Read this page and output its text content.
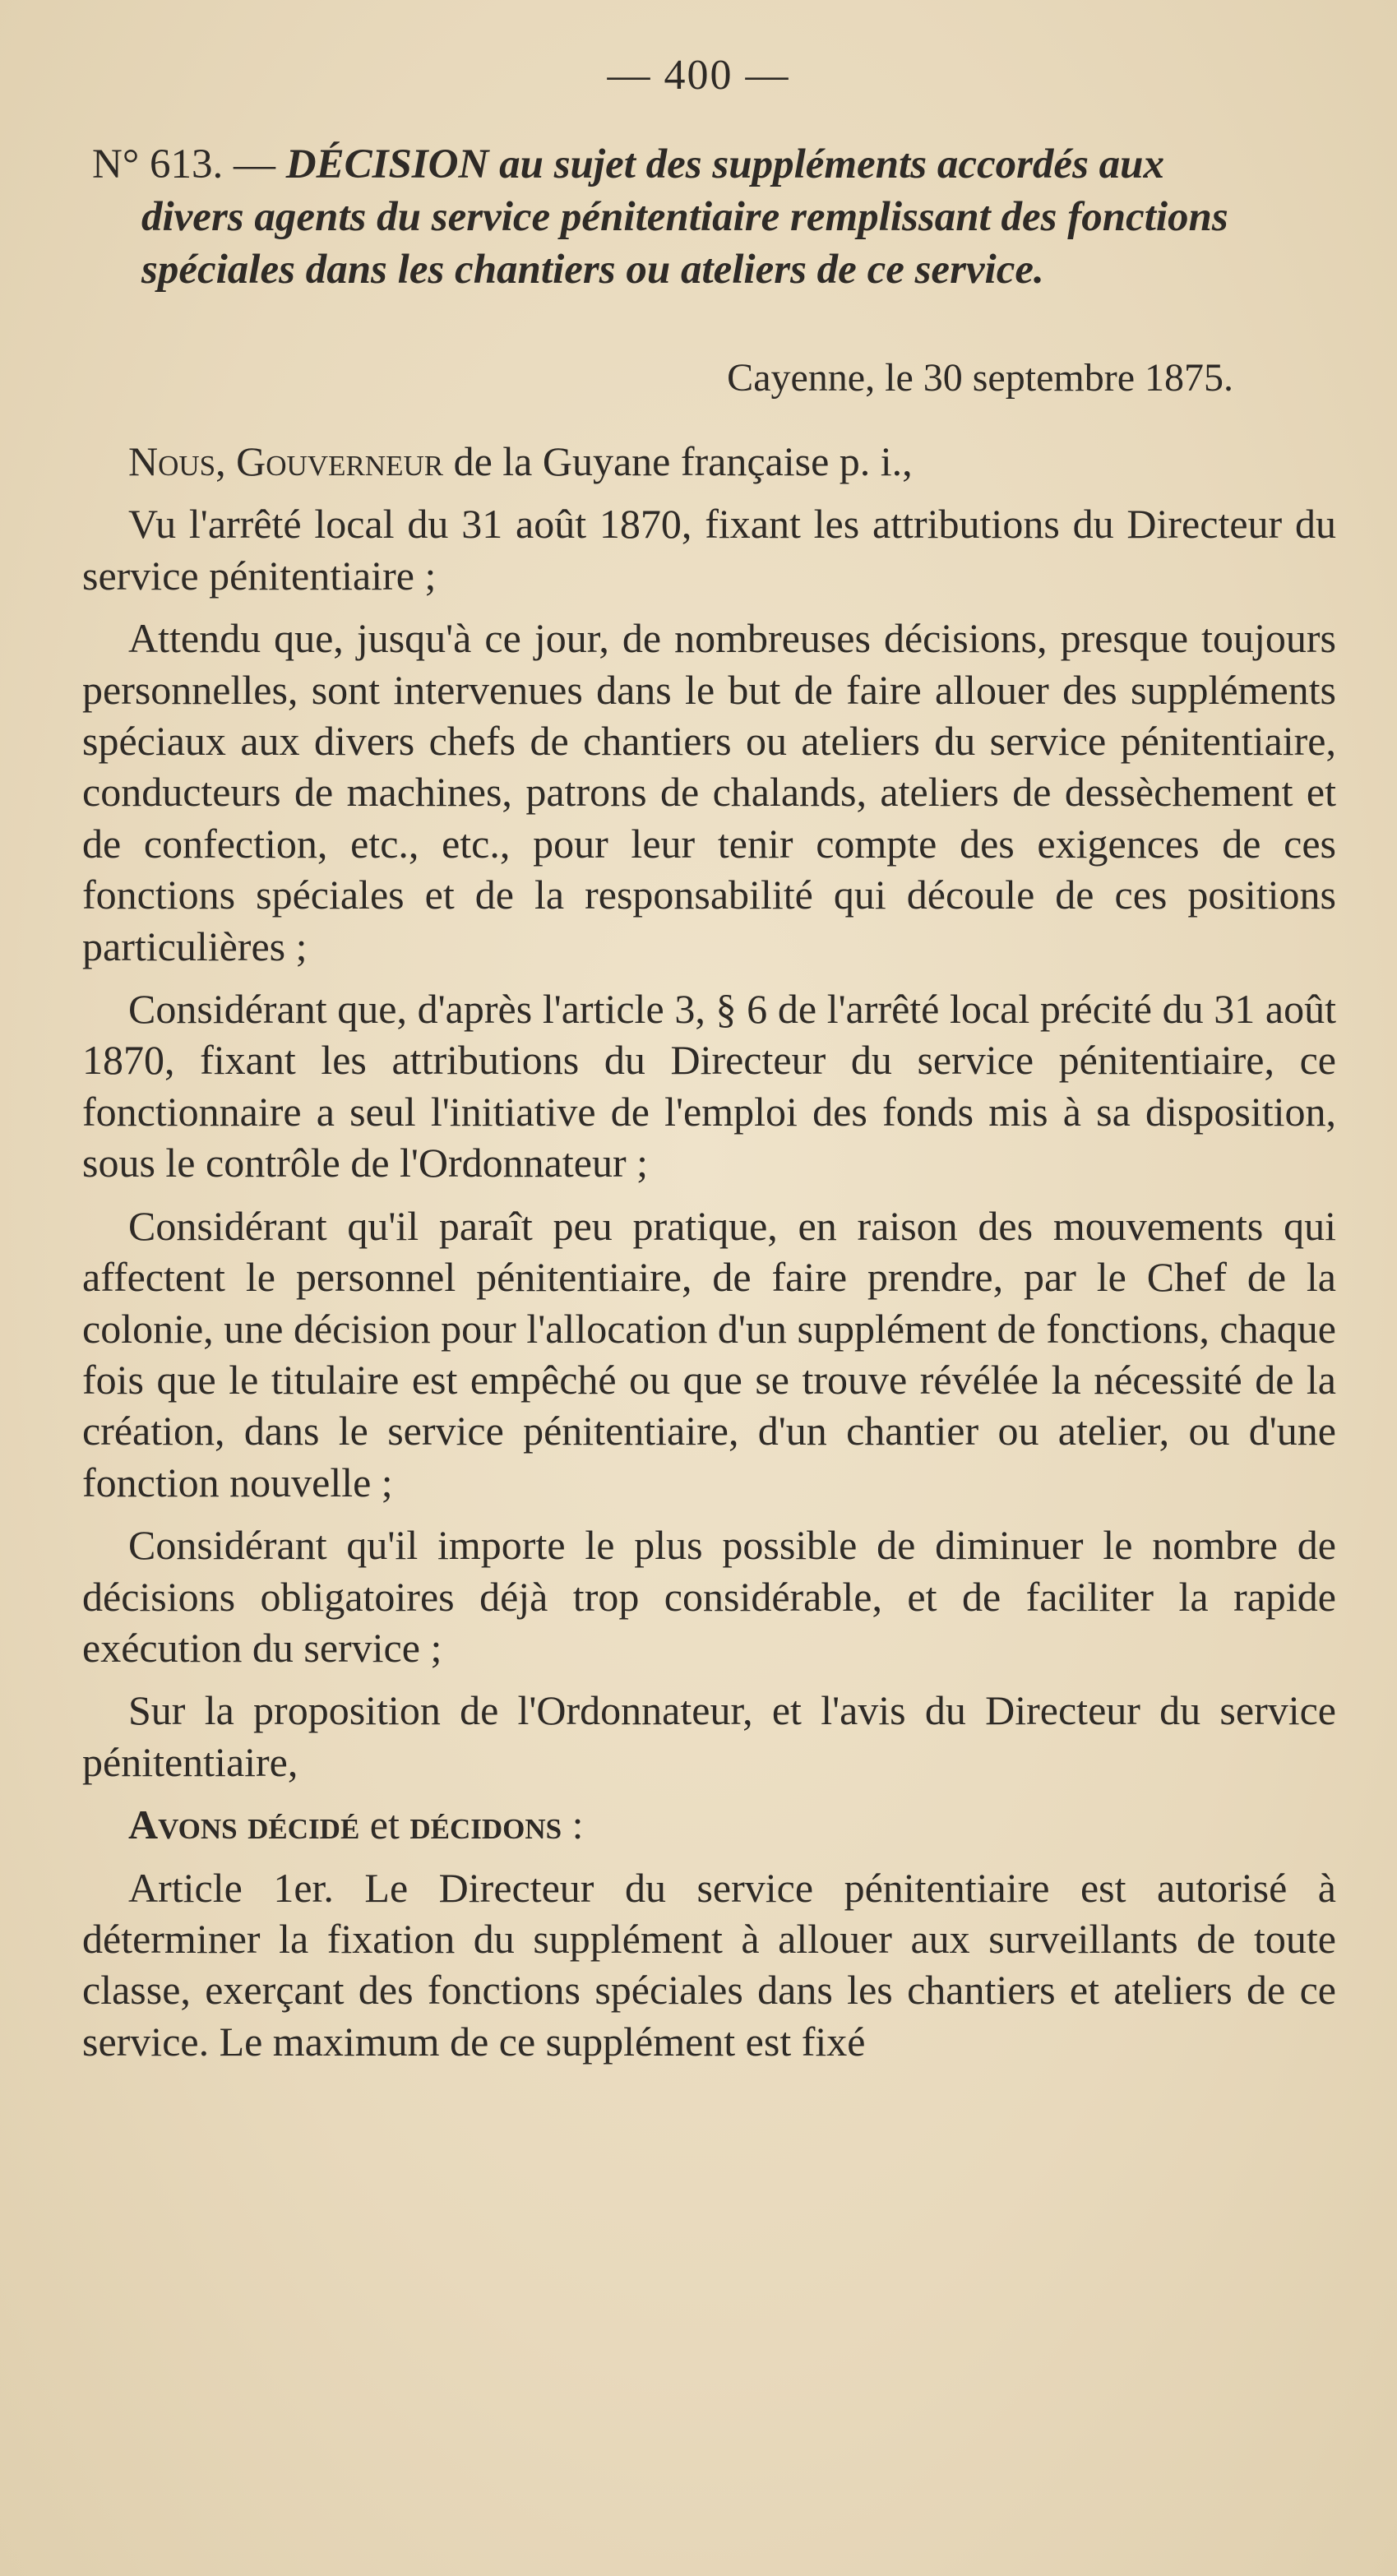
— 400 —
N° 613. — DÉCISION au sujet des suppléments accordés aux
divers agents du service pénitentiaire remplissant des fonctions spéciales dans les chantiers ou ateliers de ce service.
Cayenne, le 30 septembre 1875.

Nous, Gouverneur de la Guyane française p. i.,

Vu l'arrêté local du 31 août 1870, fixant les attributions du Directeur du service pénitentiaire ;

Attendu que, jusqu'à ce jour, de nombreuses décisions, presque toujours personnelles, sont intervenues dans le but de faire allouer des suppléments spéciaux aux divers chefs de chantiers ou ateliers du service pénitentiaire, conducteurs de machines, patrons de chalands, ateliers de dessèchement et de confection, etc., etc., pour leur tenir compte des exigences de ces fonctions spéciales et de la responsabilité qui découle de ces positions particulières ;

Considérant que, d'après l'article 3, § 6 de l'arrêté local précité du 31 août 1870, fixant les attributions du Directeur du service pénitentiaire, ce fonctionnaire a seul l'initiative de l'emploi des fonds mis à sa disposition, sous le contrôle de l'Ordonnateur ;

Considérant qu'il paraît peu pratique, en raison des mouvements qui affectent le personnel pénitentiaire, de faire prendre, par le Chef de la colonie, une décision pour l'allocation d'un supplément de fonctions, chaque fois que le titulaire est empêché ou que se trouve révélée la nécessité de la création, dans le service pénitentiaire, d'un chantier ou atelier, ou d'une fonction nouvelle ;

Considérant qu'il importe le plus possible de diminuer le nombre de décisions obligatoires déjà trop considérable, et de faciliter la rapide exécution du service ;

Sur la proposition de l'Ordonnateur, et l'avis du Directeur du service pénitentiaire,

Avons décidé et décidons :

Article 1er. Le Directeur du service pénitentiaire est autorisé à déterminer la fixation du supplément à allouer aux surveillants de toute classe, exerçant des fonctions spéciales dans les chantiers et ateliers de ce service. Le maximum de ce supplément est fixé
